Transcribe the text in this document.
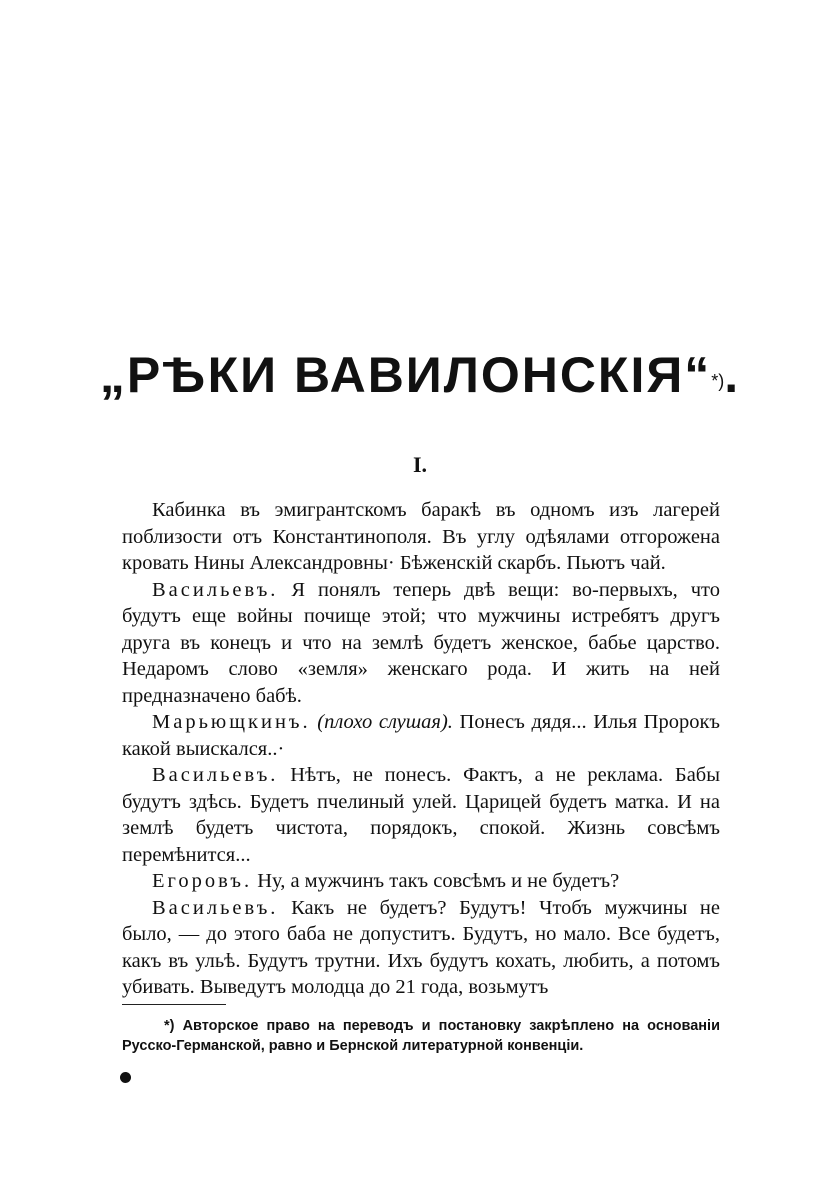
„РѢКИ ВАВИЛОНСКІЯ“*).
I.

Кабинка въ эмигрантскомъ баракѣ въ одномъ изъ лагерей поблизости отъ Константинополя. Въ углу одѣялами отгорожена кровать Нины Александровны· Бѣженскій скарбъ. Пьютъ чай.

Васильевъ. Я понялъ теперь двѣ вещи: во-первыхъ, что будутъ еще войны почище этой; что мужчины истребятъ другъ друга въ конецъ и что на землѣ будетъ женское, бабье царство. Недаромъ слово «земля» женскаго рода. И жить на ней предназначено бабѣ.

Марьющкинъ. (плохо слушая). Понесъ дядя... Илья Пророкъ какой выискался..·

Васильевъ. Нѣтъ, не понесъ. Фактъ, а не реклама. Бабы будутъ здѣсь. Будетъ пчелиный улей. Царицей будетъ матка. И на землѣ будетъ чистота, порядокъ, спокой. Жизнь совсѣмъ перемѣнится...

Егоровъ. Ну, а мужчинъ такъ совсѣмъ и не будетъ?

Васильевъ. Какъ не будетъ? Будутъ! Чтобъ мужчины не было, — до этого баба не допуститъ. Будутъ, но мало. Все будетъ, какъ въ ульѣ. Будутъ трутни. Ихъ будутъ кохать, любить, а потомъ убивать. Выведутъ молодца до 21 года, возьмутъ

*) Авторское право на переводъ и постановку закрѣплено на основаніи Русско-Германской, равно и Бернской литературной конвенціи.
